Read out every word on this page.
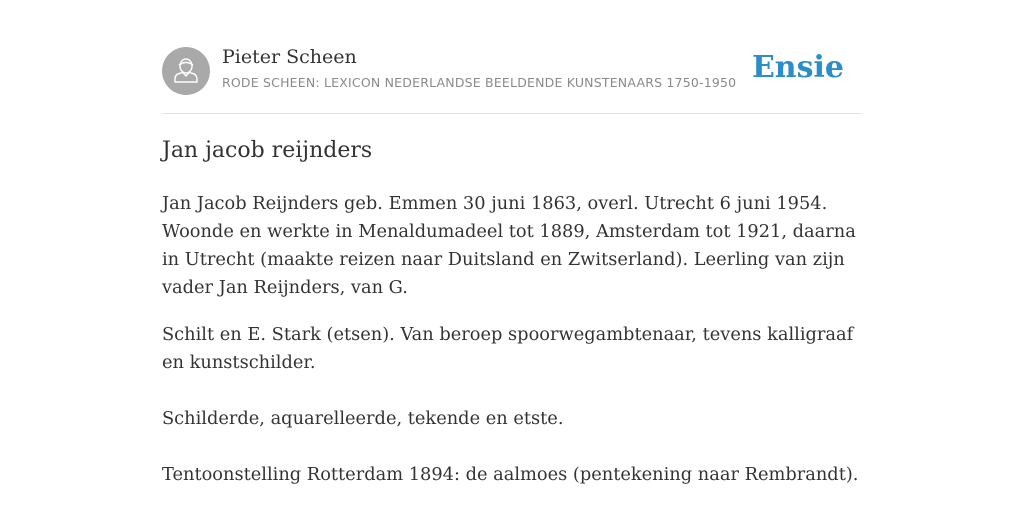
Pieter Scheen
RODE SCHEEN: LEXICON NEDERLANDSE BEELDENDE KUNSTENAARS 1750-1950 Ensie
Jan jacob reijnders

Jan Jacob Reijnders geb. Emmen 30 juni 1863, overl. Utrecht 6 juni 1954. Woonde en werkte in Menaldumadeel tot 1889, Amsterdam tot 1921, daarna in Utrecht (maakte reizen naar Duitsland en Zwitserland). Leerling van zijn vader Jan Reijnders, van G.

Schilt en E. Stark (etsen). Van beroep spoorwegambtenaar, tevens kalligraaf en kunstschilder.

Schilderde, aquarelleerde, tekende en etste.

Tentoonstelling Rotterdam 1894: de aalmoes (pentekening naar Rembrandt).
